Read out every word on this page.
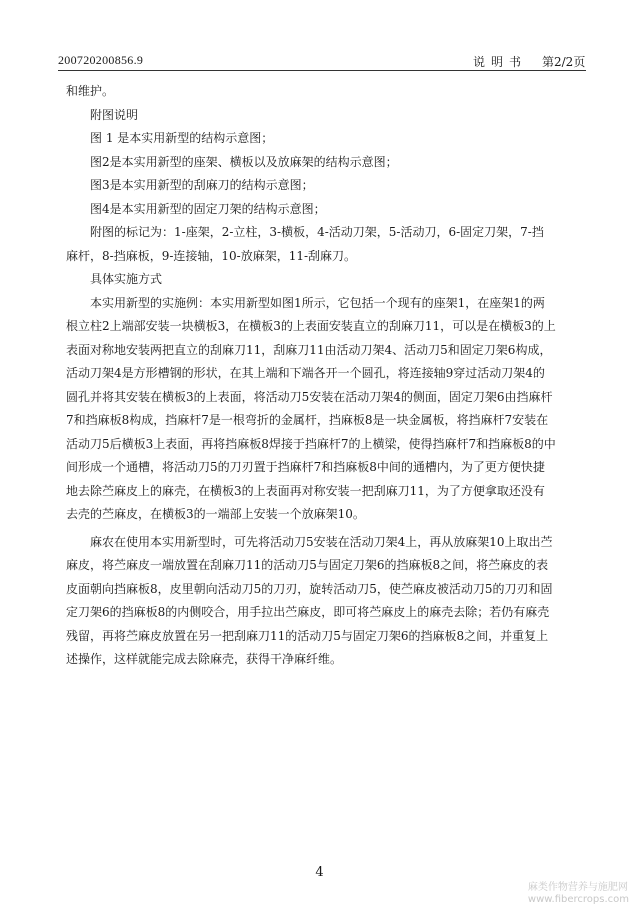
200720200856.9	说明书 第2/2页
和维护。
附图说明
图 1 是本实用新型的结构示意图；
图2是本实用新型的座架、横板以及放麻架的结构示意图；
图3是本实用新型的刮麻刀的结构示意图；
图4是本实用新型的固定刀架的结构示意图；
附图的标记为：1-座架，2-立柱，3-横板，4-活动刀架，5-活动刀，6-固定刀架，7-挡
麻杆，8-挡麻板，9-连接轴，10-放麻架，11-刮麻刀。
具体实施方式
本实用新型的实施例：本实用新型如图1所示，它包括一个现有的座架1，在座架1的两
根立柱2上端部安装一块横板3，在横板3的上表面安装直立的刮麻刀11，可以是在横板3的上
表面对称地安装两把直立的刮麻刀11，刮麻刀11由活动刀架4、活动刀5和固定刀架6构成，
活动刀架4是方形槽钢的形状，在其上端和下端各开一个圆孔，将连接轴9穿过活动刀架4的
圆孔并将其安装在横板3的上表面，将活动刀5安装在活动刀架4的侧面，固定刀架6由挡麻杆
7和挡麻板8构成，挡麻杆7是一根弯折的金属杆，挡麻板8是一块金属板，将挡麻杆7安装在
活动刀5后横板3上表面，再将挡麻板8焊接于挡麻杆7的上横梁，使得挡麻杆7和挡麻板8的中
间形成一个通槽，将活动刀5的刀刃置于挡麻杆7和挡麻板8中间的通槽内，为了更方便快捷
地去除苎麻皮上的麻壳，在横板3的上表面再对称安装一把刮麻刀11，为了方便拿取还没有
去壳的苎麻皮，在横板3的一端部上安装一个放麻架10。
麻农在使用本实用新型时，可先将活动刀5安装在活动刀架4上，再从放麻架10上取出苎
麻皮，将苎麻皮一端放置在刮麻刀11的活动刀5与固定刀架6的挡麻板8之间，将苎麻皮的表
皮面朝向挡麻板8，皮里朝向活动刀5的刀刃，旋转活动刀5，使苎麻皮被活动刀5的刀刃和固
定刀架6的挡麻板8的内侧咬合，用手拉出苎麻皮，即可将苎麻皮上的麻壳去除；若仍有麻壳
残留，再将苎麻皮放置在另一把刮麻刀11的活动刀5与固定刀架6的挡麻板8之间，并重复上
述操作，这样就能完成去除麻壳，获得干净麻纤维。
4
麻类作物营养与施肥网
www.fibercrops.com
